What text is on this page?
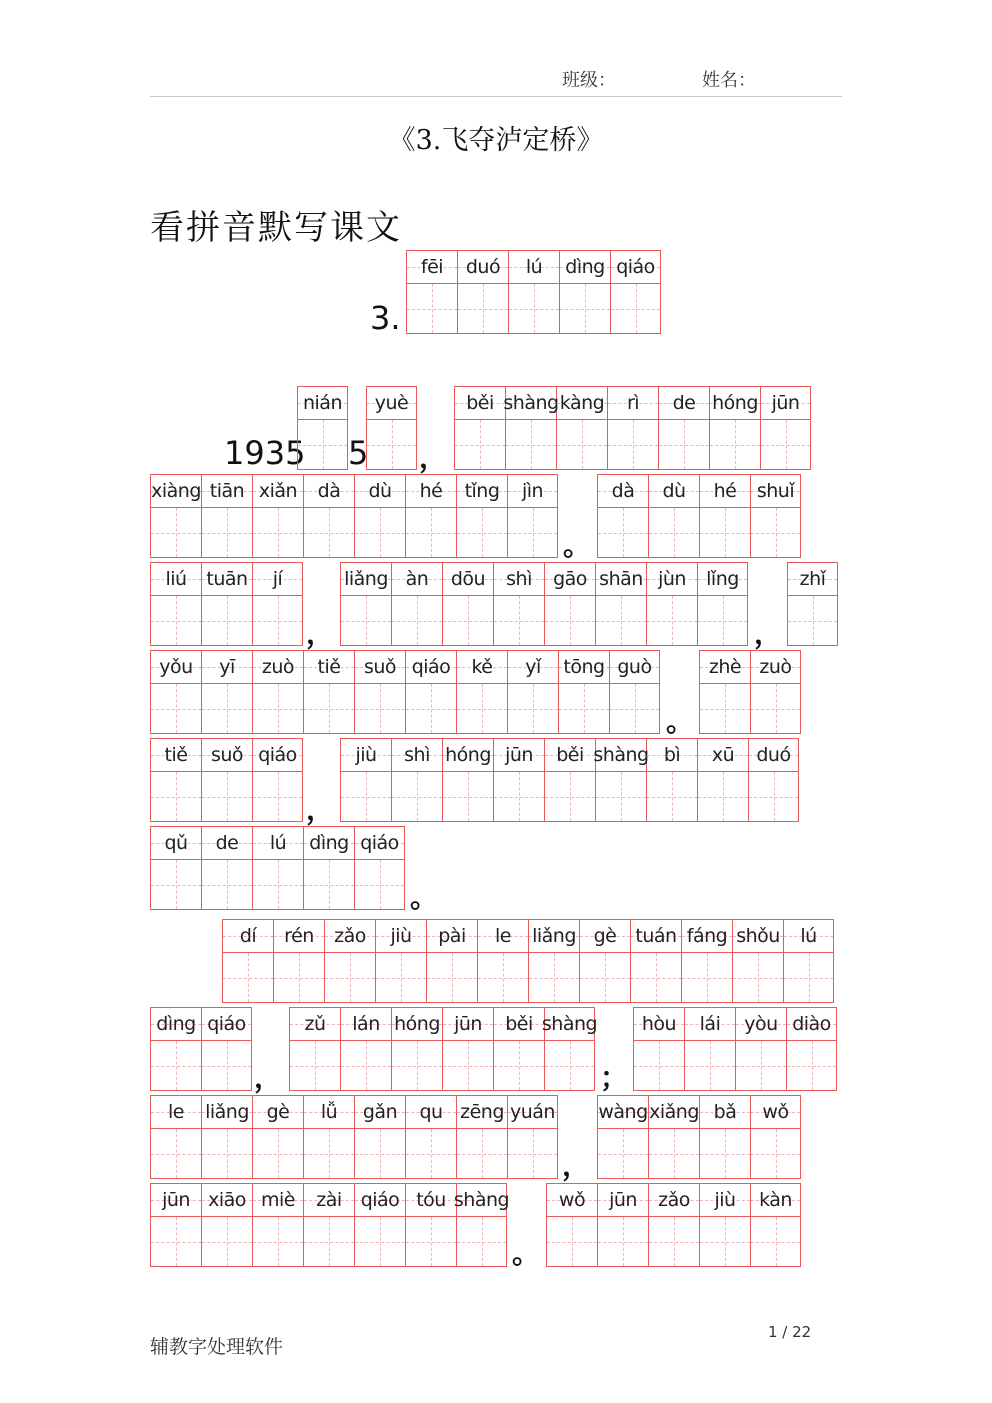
班级：	姓名：
《3.飞夺泸定桥》
看拼音默写课文
3.
1935 5 ，
。
，	，
。
，
。
，	；
，
。
fēi duó lú dìng qiáo
nián yuè	běi shàng kàng rì de hóng jūn
xiàng tiān xiǎn dà dù hé tǐng jìn	dà dù hé shuǐ
liú tuān jí	liǎng àn dōu shì gāo shān jùn lǐng	zhǐ
yǒu yī zuò tiě suǒ qiáo kě yǐ tōng guò	zhè zuò
tiě suǒ qiáo	jiù shì hóng jūn běi shàng bì xū duó
qǔ de lú dìng qiáo
dí rén zǎo jiù pài le liǎng gè tuán fáng shǒu lú
dìng qiáo	zǔ lán hóng jūn běi shàng hòu lái yòu diào
le liǎng gè lǚ gǎn qu zēng yuán wàng xiǎng bǎ wǒ
jūn xiāo miè zài qiáo tóu shàng	wǒ jūn zǎo jiù kàn
辅教字处理软件
1 / 22
